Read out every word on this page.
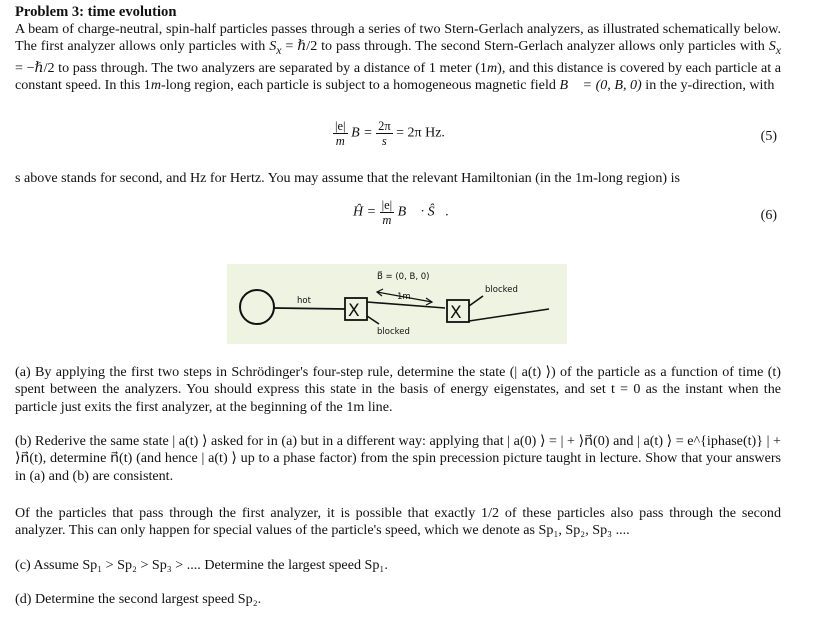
Problem 3: time evolution

A beam of charge-neutral, spin-half particles passes through a series of two Stern-Gerlach analyzers, as illustrated schematically below. The first analyzer allows only particles with $S_x$ = ℏ/2 to pass through. The second Stern-Gerlach analyzer allows only particles with $S_x$ = −ℏ/2 to pass through. The two analyzers are separated by a distance of 1 meter (1m), and this distance is covered by each particle at a constant speed. In this 1m-long region, each particle is subject to a homogeneous magnetic field B⃗ = (0, B, 0) in the y-direction, with

$\frac{|e|}{m}$ $B = \frac{2\pi}{s} = 2\pi$ Hz.	(5)

s above stands for second, and Hz for Hertz. You may assume that the relevant Hamiltonian (in the 1m-long region) is

Ĥ = $\frac{|e|}{m}$ B⃗ · Ŝ⃗.	(6)
hot X
blocked
B⃗ = (0, B, 0)
1m
X
blocked

(a) By applying the first two steps in Schrödinger's four-step rule, determine the state (| a(t) ⟩) of the particle as a function of time (t) spent between the analyzers. You should express this state in the basis of energy eigenstates, and set t = 0 as the instant when the particle just exits the first analyzer, at the beginning of the 1m line.

(b) Rederive the same state | a(t) ⟩ asked for in (a) but in a different way: applying that | a(0) ⟩ = | + ⟩n⃗(0) and | a(t) ⟩ = e^{iphase(t)} | + ⟩n⃗(t), determine n⃗(t) (and hence | a(t) ⟩ up to a phase factor) from the spin precession picture taught in lecture. Show that your answers in (a) and (b) are consistent.

Of the particles that pass through the first analyzer, it is possible that exactly 1/2 of these particles also pass through the second analyzer. This can only happen for special values of the particle's speed, which we denote as Sp₁, Sp₂, Sp₃ ....

(c) Assume Sp₁ > Sp₂ > Sp₃ > .... Determine the largest speed Sp₁.

(d) Determine the second largest speed Sp₂.
